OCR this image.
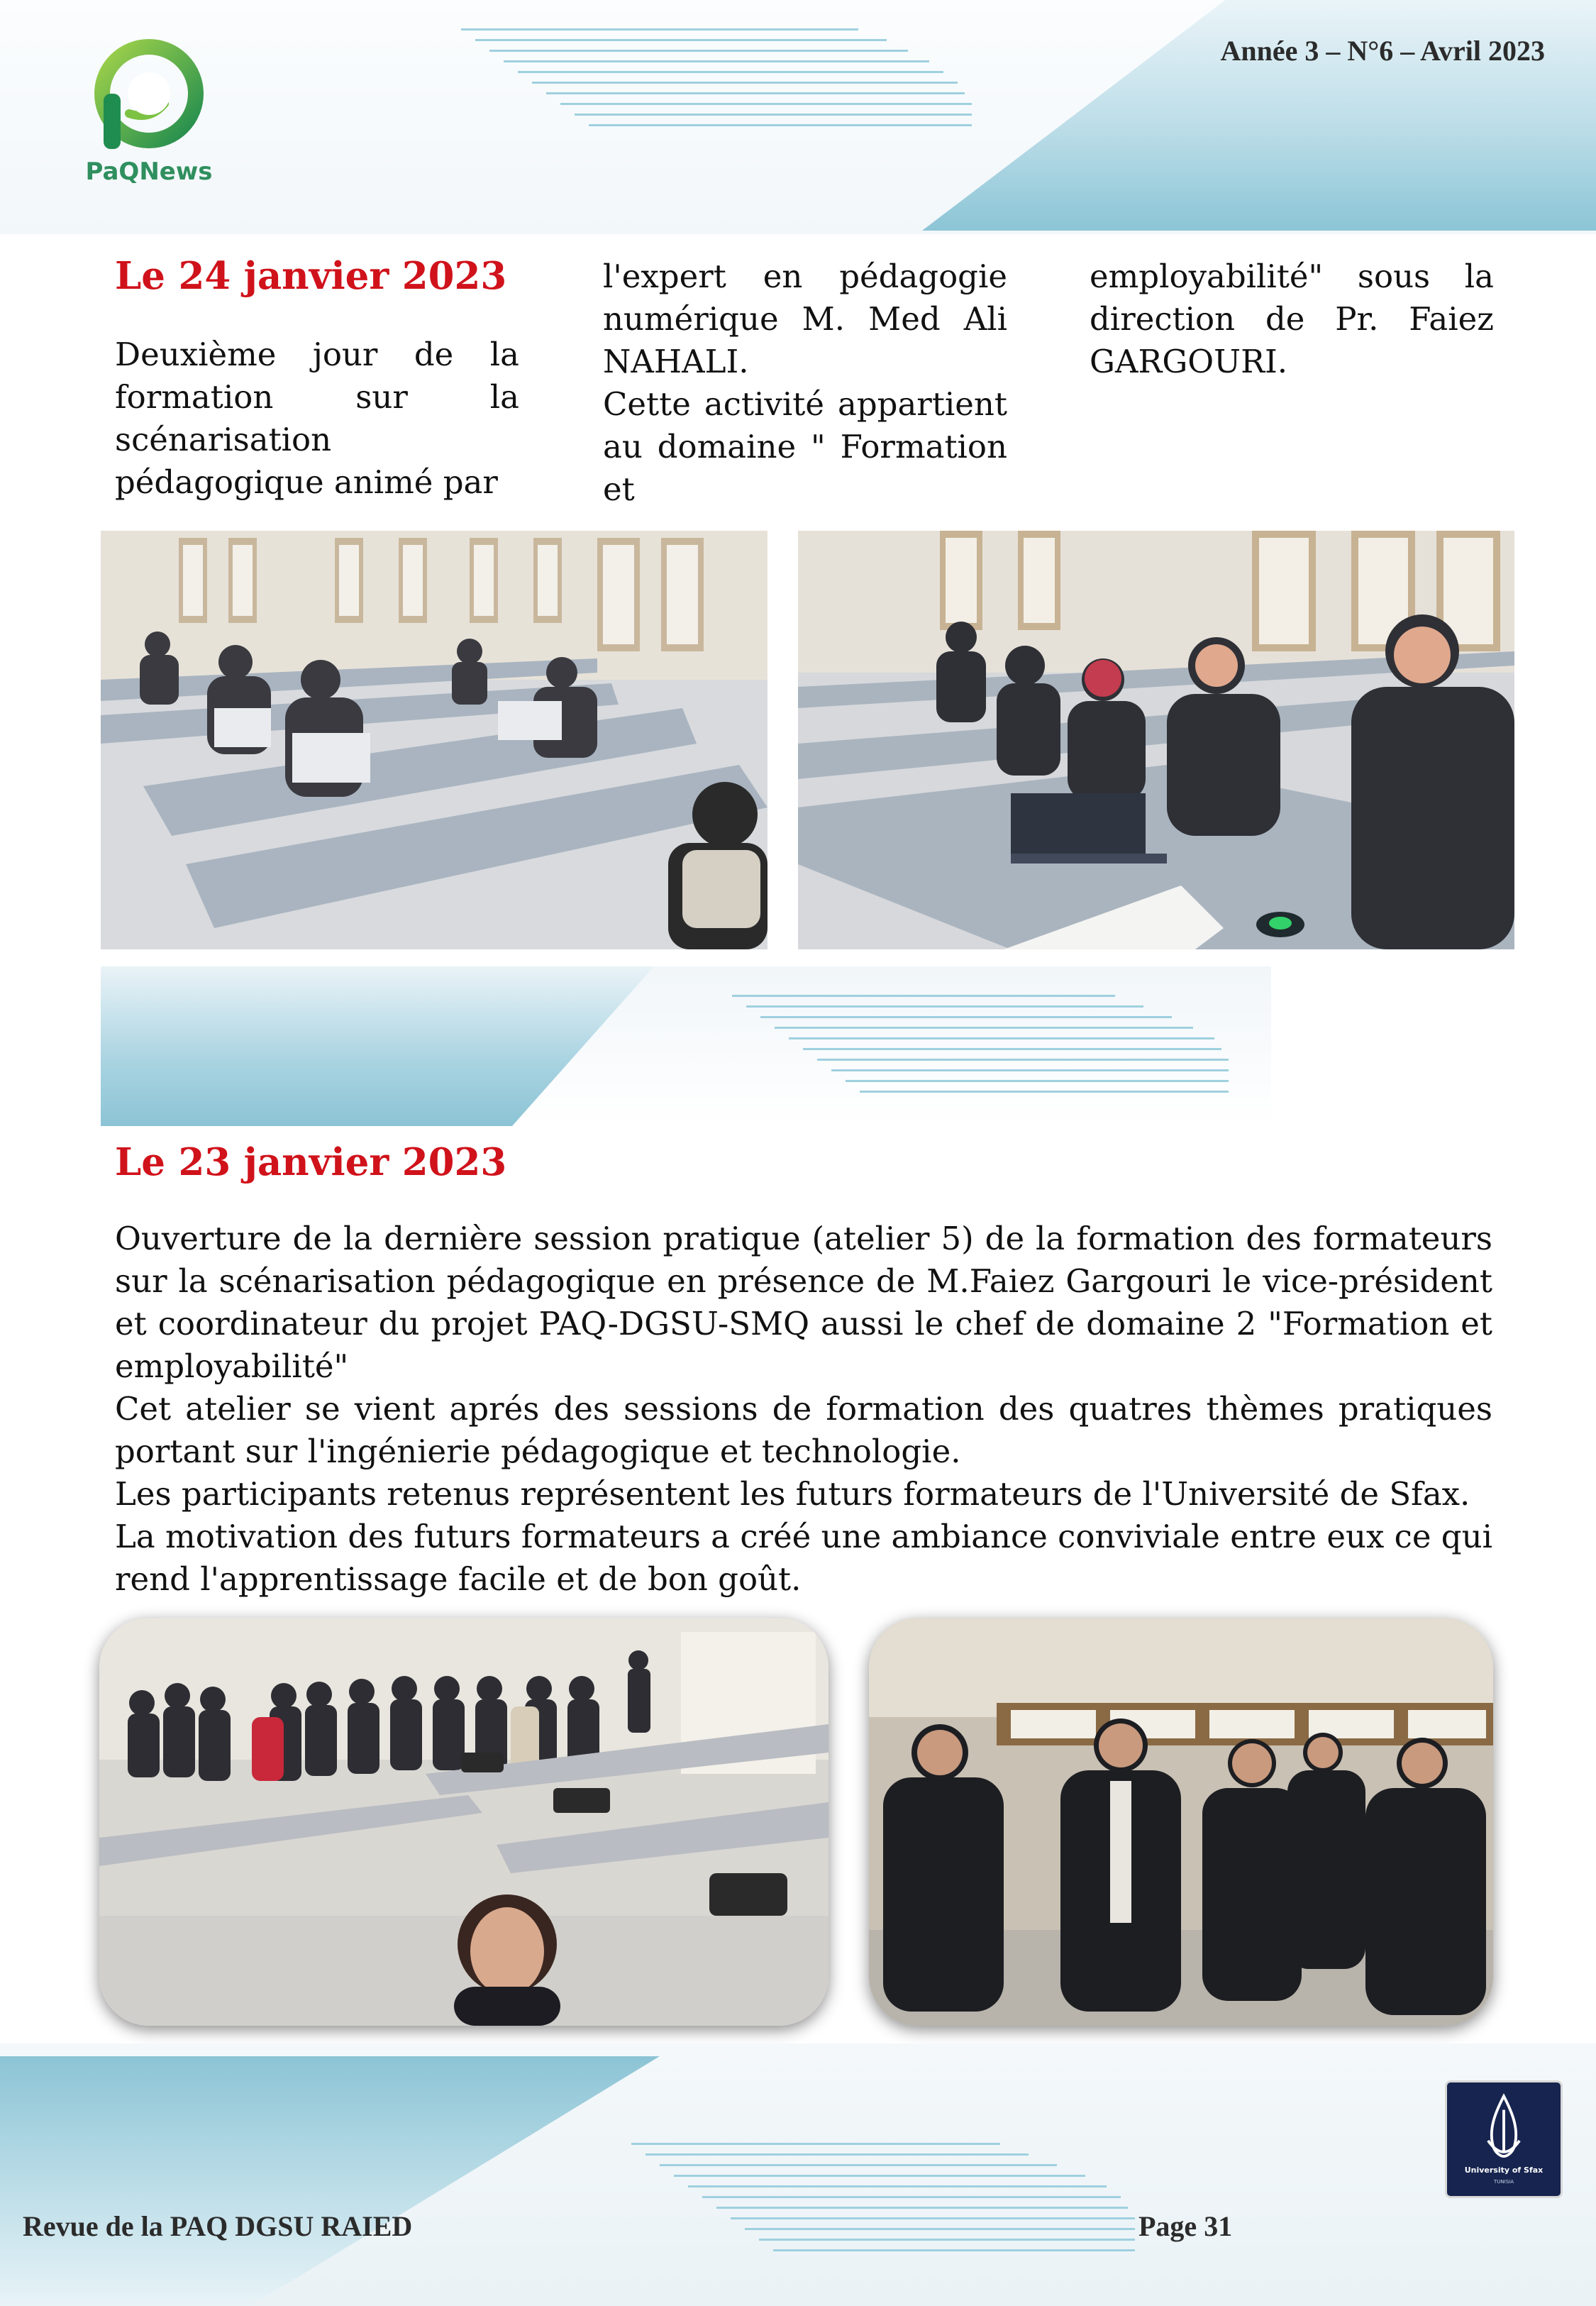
PaQNews
Année 3 – N°6 – Avril 2023
Le 24 janvier 2023

Deuxième jour de la formation sur la scénarisation pédagogique animé par

l'expert en pédagogie numérique M. Med Ali NAHALI.

Cette activité appartient au domaine " Formation et

employabilité" sous la direction de Pr. Faiez GARGOURI.

Le 23 janvier 2023

Ouverture de la dernière session pratique (atelier 5) de la formation des formateurs sur la scénarisation pédagogique en présence de M.Faiez Gargouri le vice-président et coordinateur du projet PAQ-DGSU-SMQ aussi le chef de domaine 2 "Formation et employabilité"

Cet atelier se vient aprés des sessions de formation des quatres thèmes pratiques portant sur l'ingénierie pédagogique et technologie.

Les participants retenus représentent les futurs formateurs de l'Université de Sfax.

La motivation des futurs formateurs a créé une ambiance conviviale entre eux ce qui rend l'apprentissage facile et de bon goût.

Revue de la PAQ DGSU RAIED	Page 31
University of Sfax
TUNISIA
